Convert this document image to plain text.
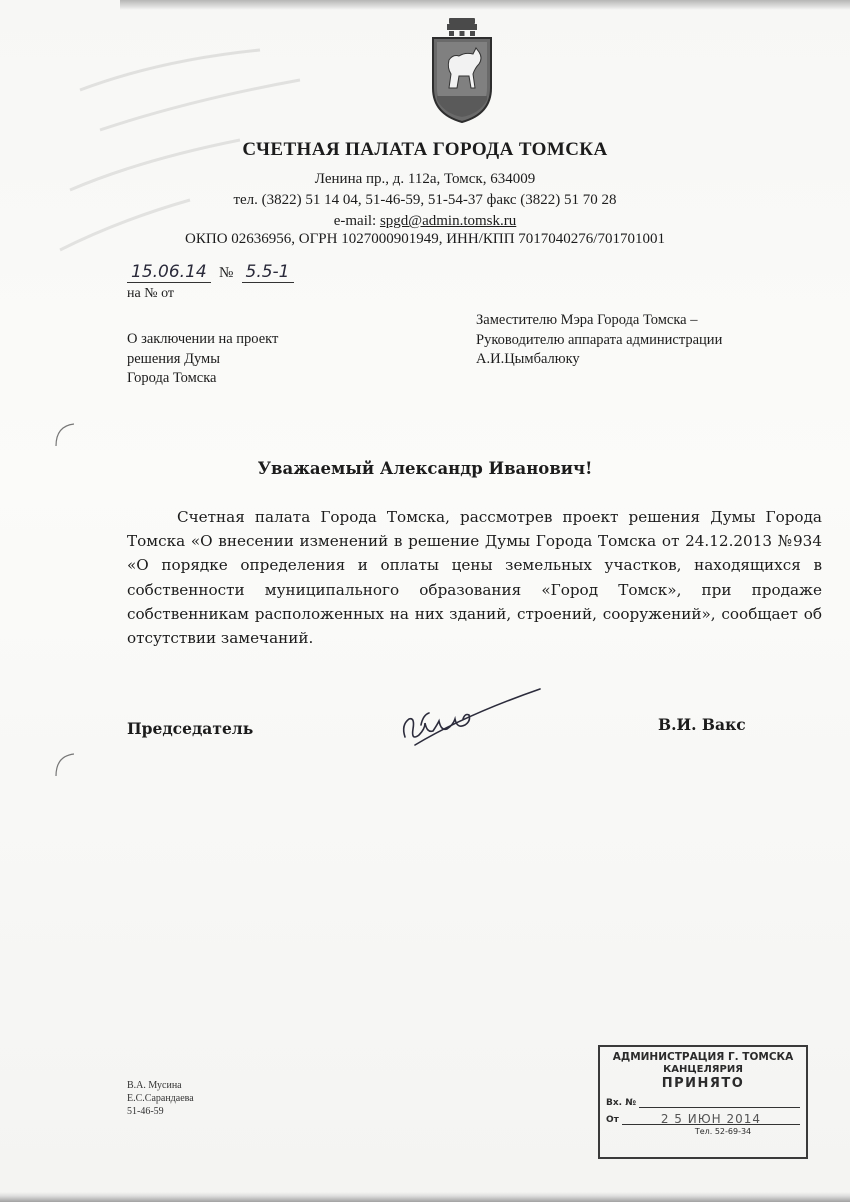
СЧЕТНАЯ ПАЛАТА ГОРОДА ТОМСКА
Ленина пр., д. 112а, Томск, 634009
тел. (3822) 51 14 04, 51-46-59, 51-54-37 факс (3822) 51 70 28
e-mail: spgd@admin.tomsk.ru
ОКПО 02636956, ОГРН 1027000901949, ИНН/КПП 7017040276/701701001
15.06.14 № 5.5-1
на № от
О заключении на проект
решения Думы
Города Томска
Заместителю Мэра Города Томска –
Руководителю аппарата администрации
А.И.Цымбалюку
Уважаемый Александр Иванович!

Счетная палата Города Томска, рассмотрев проект решения Думы Города Томска «О внесении изменений в решение Думы Города Томска от 24.12.2013 №934 «О порядке определения и оплаты цены земельных участков, находящихся в собственности муниципального образования «Город Томск», при продаже собственникам расположенных на них зданий, строений, сооружений», сообщает об отсутствии замечаний.

Председатель	В.И. Вакс
В.А. Мусина
Е.С.Сарандаева
51-46-59
АДМИНИСТРАЦИЯ Г. ТОМСКА
КАНЦЕЛЯРИЯ
ПРИНЯТО
Вх. №
От	2 5 ИЮН 2014
Тел. 52-69-34
